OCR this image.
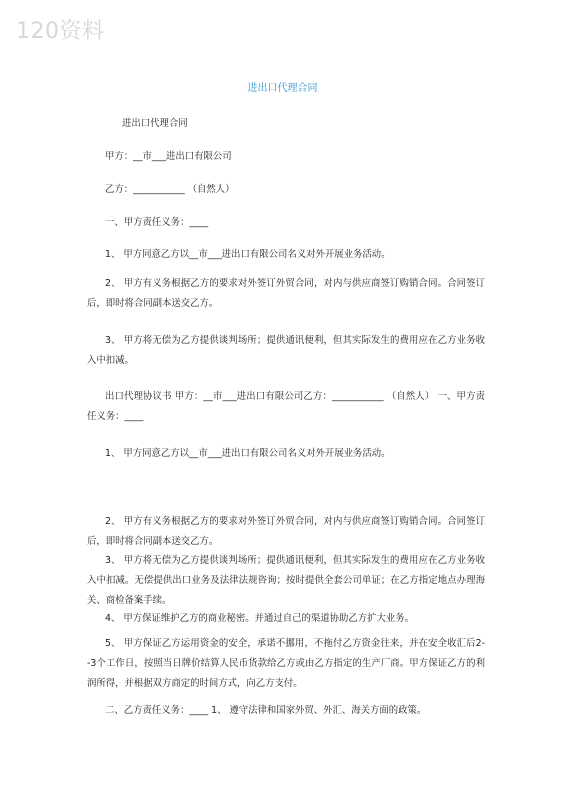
120资料
进出口代理合同
进出口代理合同
甲方：__市___进出口有限公司
乙方：___________ （自然人）
一、甲方责任义务：____
1、 甲方同意乙方以__市___进出口有限公司名义对外开展业务活动。
2、 甲方有义务根据乙方的要求对外签订外贸合同，对内与供应商签订购销合同。合同签订后，即时将合同副本送交乙方。
3、 甲方将无偿为乙方提供谈判场所；提供通讯便利，但其实际发生的费用应在乙方业务收入中扣减。
出口代理协议书 甲方：__市___进出口有限公司乙方：___________ （自然人） 一、甲方责任义务：____
1、 甲方同意乙方以__市___进出口有限公司名义对外开展业务活动。
2、 甲方有义务根据乙方的要求对外签订外贸合同，对内与供应商签订购销合同。合同签订后，即时将合同副本送交乙方。
3、 甲方将无偿为乙方提供谈判场所；提供通讯便利，但其实际发生的费用应在乙方业务收入中扣减。无偿提供出口业务及法律法规咨询；按时提供全套公司单证；在乙方指定地点办理海关、商检备案手续。
4、 甲方保证维护乙方的商业秘密。并通过自己的渠道协助乙方扩大业务。
5、 甲方保证乙方运用资金的安全，承诺不挪用，不拖付乙方资金往来，并在安全收汇后2--3个工作日，按照当日牌价结算人民币货款给乙方或由乙方指定的生产厂商。甲方保证乙方的利润所得，并根据双方商定的时间方式，向乙方支付。
二、乙方责任义务：____ 1、 遵守法律和国家外贸、外汇、海关方面的政策。
